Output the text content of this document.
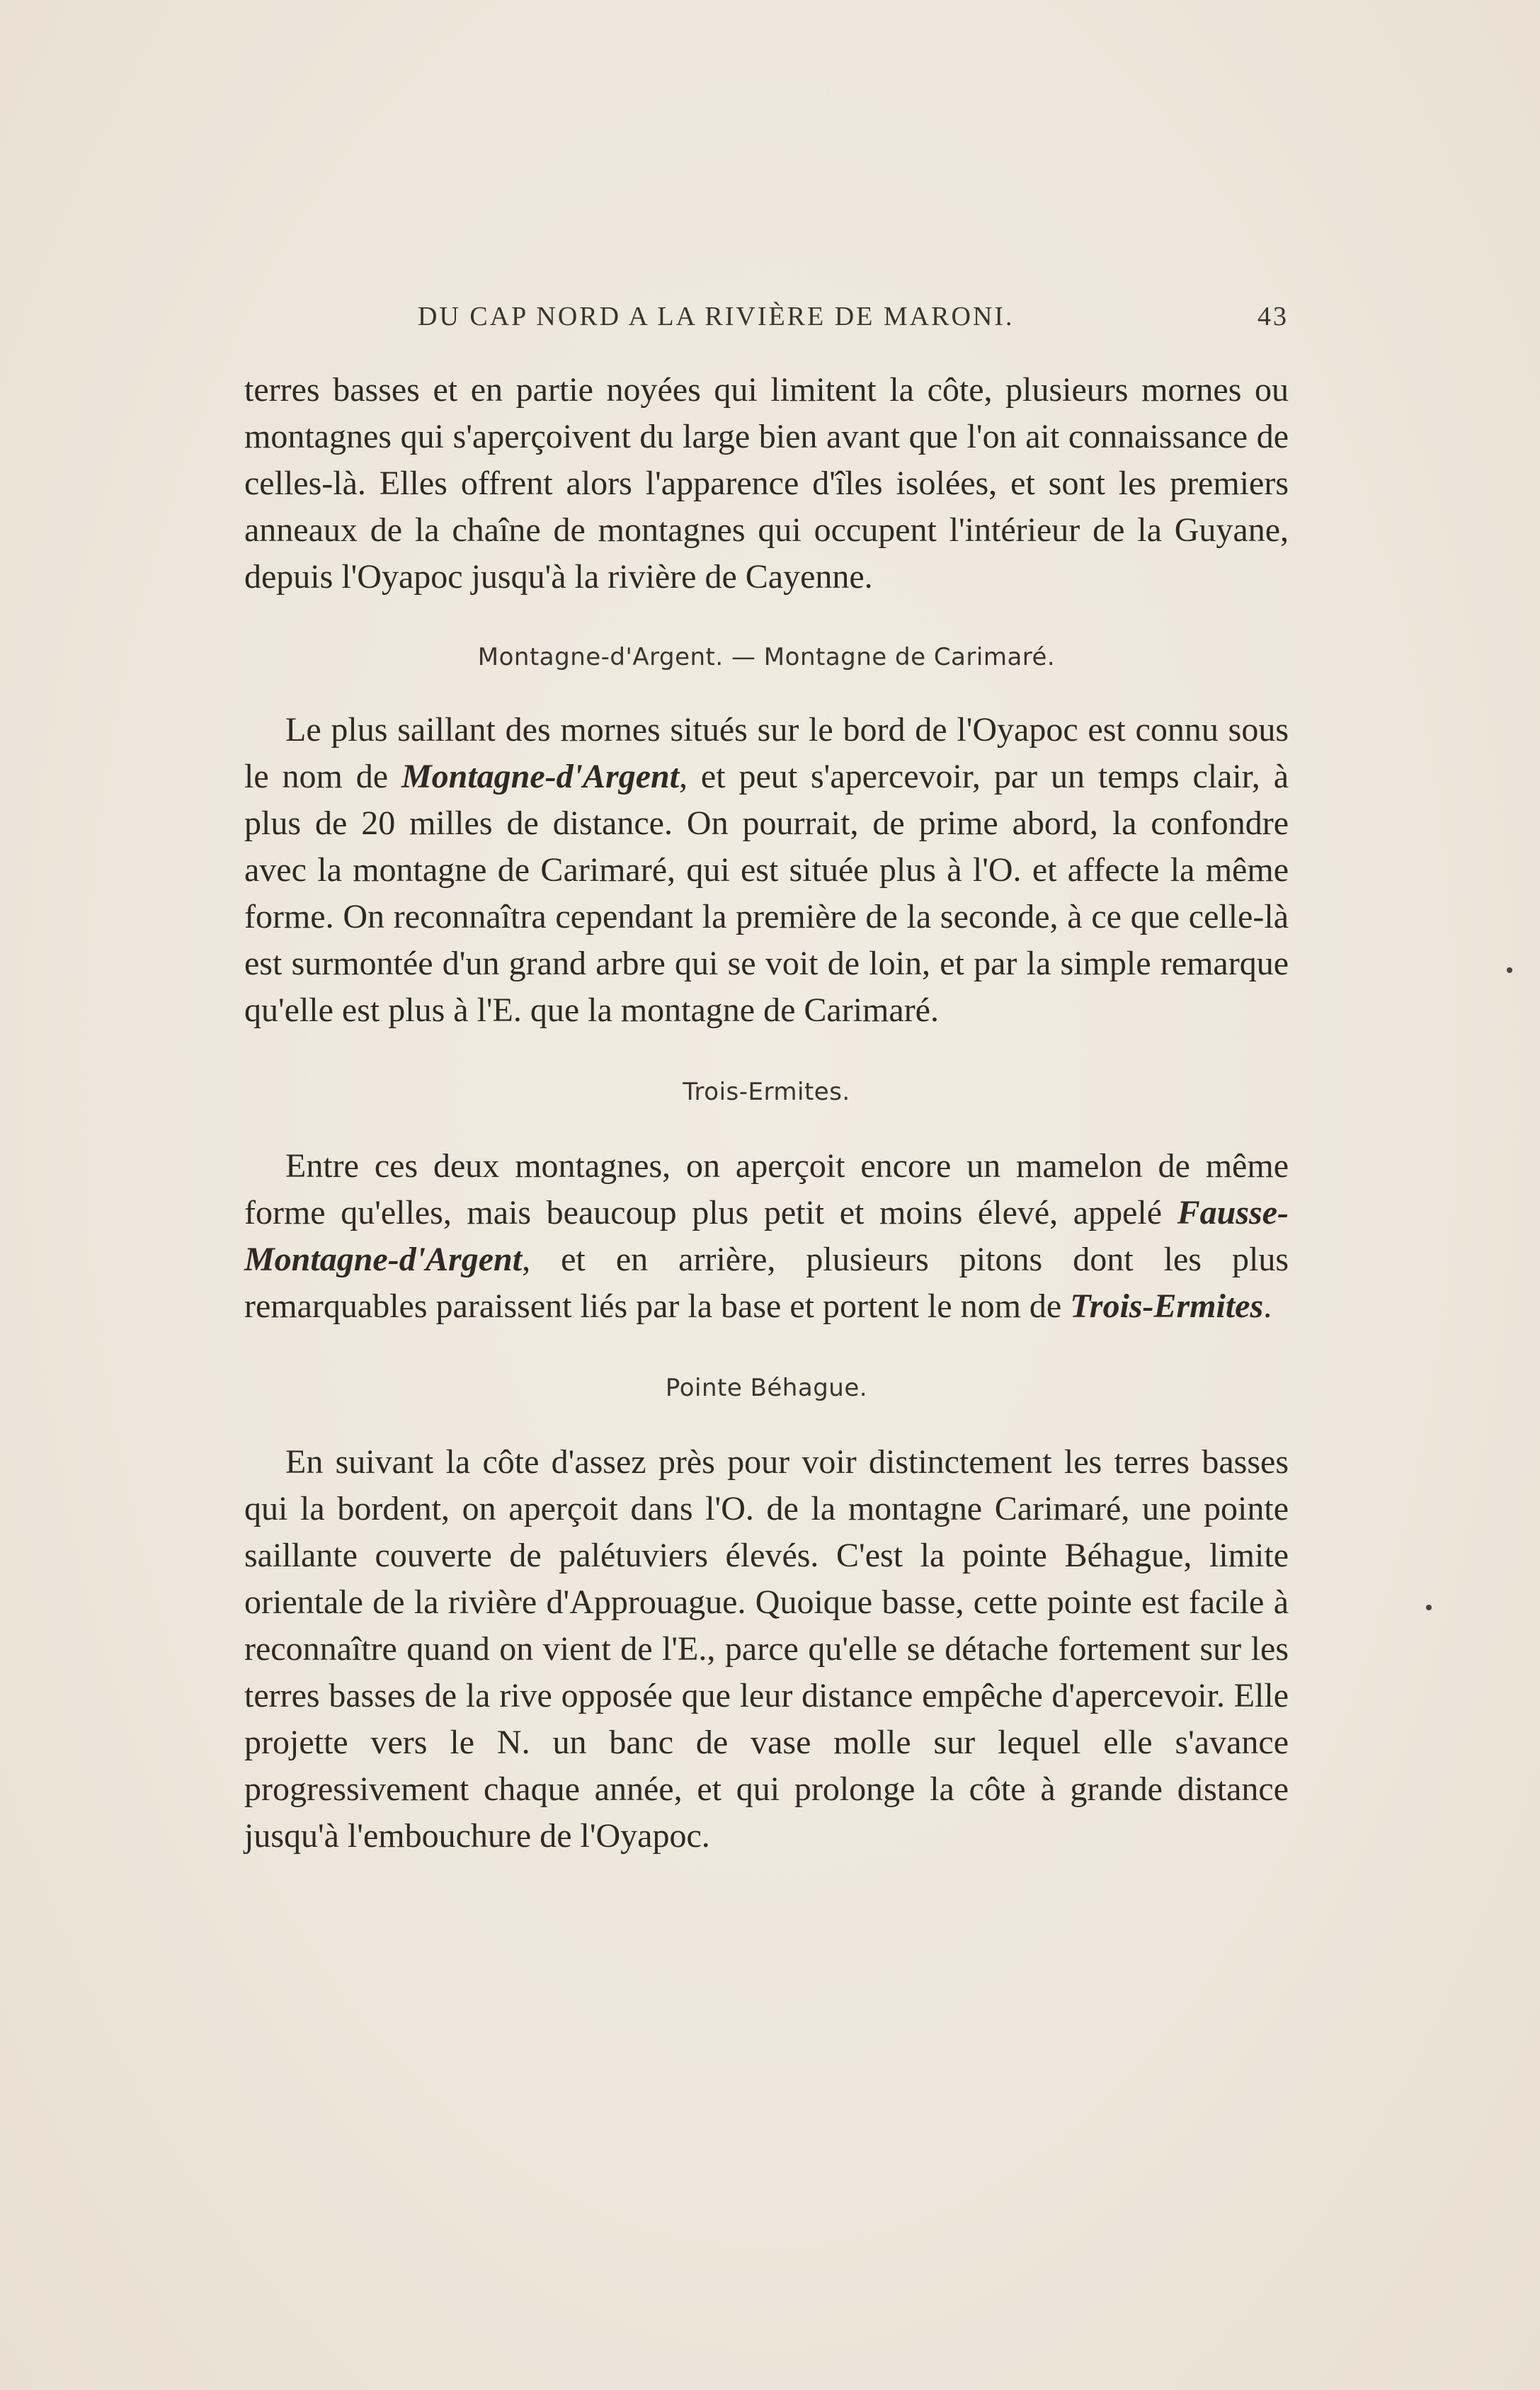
DU CAP NORD A LA RIVIÈRE DE MARONI.	43

terres basses et en partie noyées qui limitent la côte, plusieurs mornes ou montagnes qui s'aperçoivent du large bien avant que l'on ait connaissance de celles-là. Elles offrent alors l'apparence d'îles isolées, et sont les premiers anneaux de la chaîne de montagnes qui occupent l'intérieur de la Guyane, depuis l'Oyapoc jusqu'à la rivière de Cayenne.

Montagne-d'Argent. — Montagne de Carimaré.

Le plus saillant des mornes situés sur le bord de l'Oyapoc est connu sous le nom de Montagne-d'Argent, et peut s'apercevoir, par un temps clair, à plus de 20 milles de distance. On pourrait, de prime abord, la confondre avec la montagne de Carimaré, qui est située plus à l'O. et affecte la même forme. On reconnaîtra cependant la première de la seconde, à ce que celle-là est surmontée d'un grand arbre qui se voit de loin, et par la simple remarque qu'elle est plus à l'E. que la montagne de Carimaré.

Trois-Ermites.

Entre ces deux montagnes, on aperçoit encore un mamelon de même forme qu'elles, mais beaucoup plus petit et moins élevé, appelé Fausse-Montagne-d'Argent, et en arrière, plusieurs pitons dont les plus remarquables paraissent liés par la base et portent le nom de Trois-Ermites.

Pointe Béhague.

En suivant la côte d'assez près pour voir distinctement les terres basses qui la bordent, on aperçoit dans l'O. de la montagne Carimaré, une pointe saillante couverte de palétuviers élevés. C'est la pointe Béhague, limite orientale de la rivière d'Approuague. Quoique basse, cette pointe est facile à reconnaître quand on vient de l'E., parce qu'elle se détache fortement sur les terres basses de la rive opposée que leur distance empêche d'apercevoir. Elle projette vers le N. un banc de vase molle sur lequel elle s'avance progressivement chaque année, et qui prolonge la côte à grande distance jusqu'à l'embouchure de l'Oyapoc.
